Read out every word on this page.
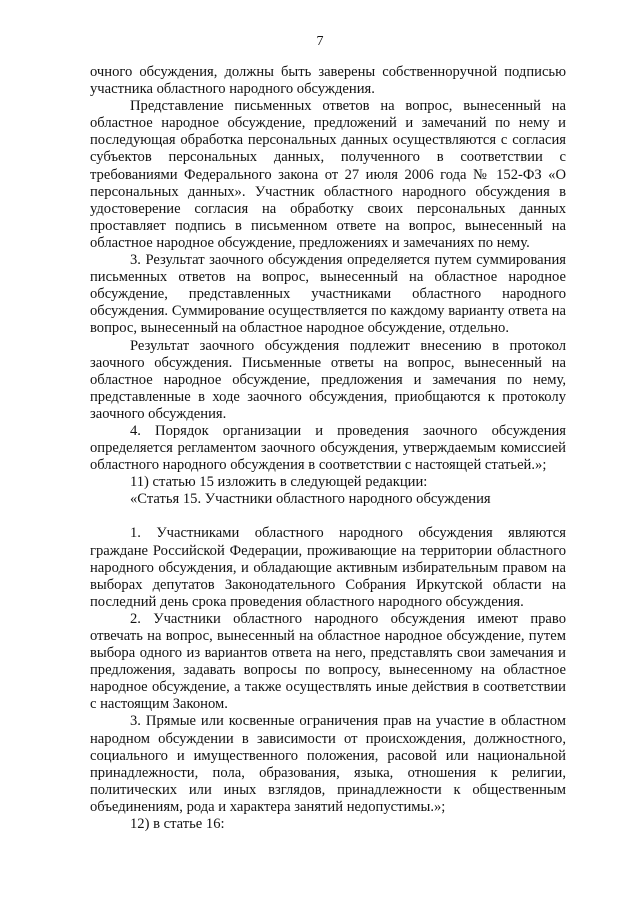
7

очного обсуждения, должны быть заверены собственноручной подписью участника областного народного обсуждения.

Представление письменных ответов на вопрос, вынесенный на областное народное обсуждение, предложений и замечаний по нему и последующая обработка персональных данных осуществляются с согласия субъектов персональных данных, полученного в соответствии с требованиями Федерального закона от 27 июля 2006 года № 152-ФЗ «О персональных данных». Участник областного народного обсуждения в удостоверение согласия на обработку своих персональных данных проставляет подпись в письменном ответе на вопрос, вынесенный на областное народное обсуждение, предложениях и замечаниях по нему.

3. Результат заочного обсуждения определяется путем суммирования письменных ответов на вопрос, вынесенный на областное народное обсуждение, представленных участниками областного народного обсуждения. Суммирование осуществляется по каждому варианту ответа на вопрос, вынесенный на областное народное обсуждение, отдельно.

Результат заочного обсуждения подлежит внесению в протокол заочного обсуждения. Письменные ответы на вопрос, вынесенный на областное народное обсуждение, предложения и замечания по нему, представленные в ходе заочного обсуждения, приобщаются к протоколу заочного обсуждения.

4. Порядок организации и проведения заочного обсуждения определяется регламентом заочного обсуждения, утверждаемым комиссией областного народного обсуждения в соответствии с настоящей статьей.»;

11) статью 15 изложить в следующей редакции:

«Статья 15. Участники областного народного обсуждения

1. Участниками областного народного обсуждения являются граждане Российской Федерации, проживающие на территории областного народного обсуждения, и обладающие активным избирательным правом на выборах депутатов Законодательного Собрания Иркутской области на последний день срока проведения областного народного обсуждения.

2. Участники областного народного обсуждения имеют право отвечать на вопрос, вынесенный на областное народное обсуждение, путем выбора одного из вариантов ответа на него, представлять свои замечания и предложения, задавать вопросы по вопросу, вынесенному на областное народное обсуждение, а также осуществлять иные действия в соответствии с настоящим Законом.

3. Прямые или косвенные ограничения прав на участие в областном народном обсуждении в зависимости от происхождения, должностного, социального и имущественного положения, расовой или национальной принадлежности, пола, образования, языка, отношения к религии, политических или иных взглядов, принадлежности к общественным объединениям, рода и характера занятий недопустимы.»;

12) в статье 16:
